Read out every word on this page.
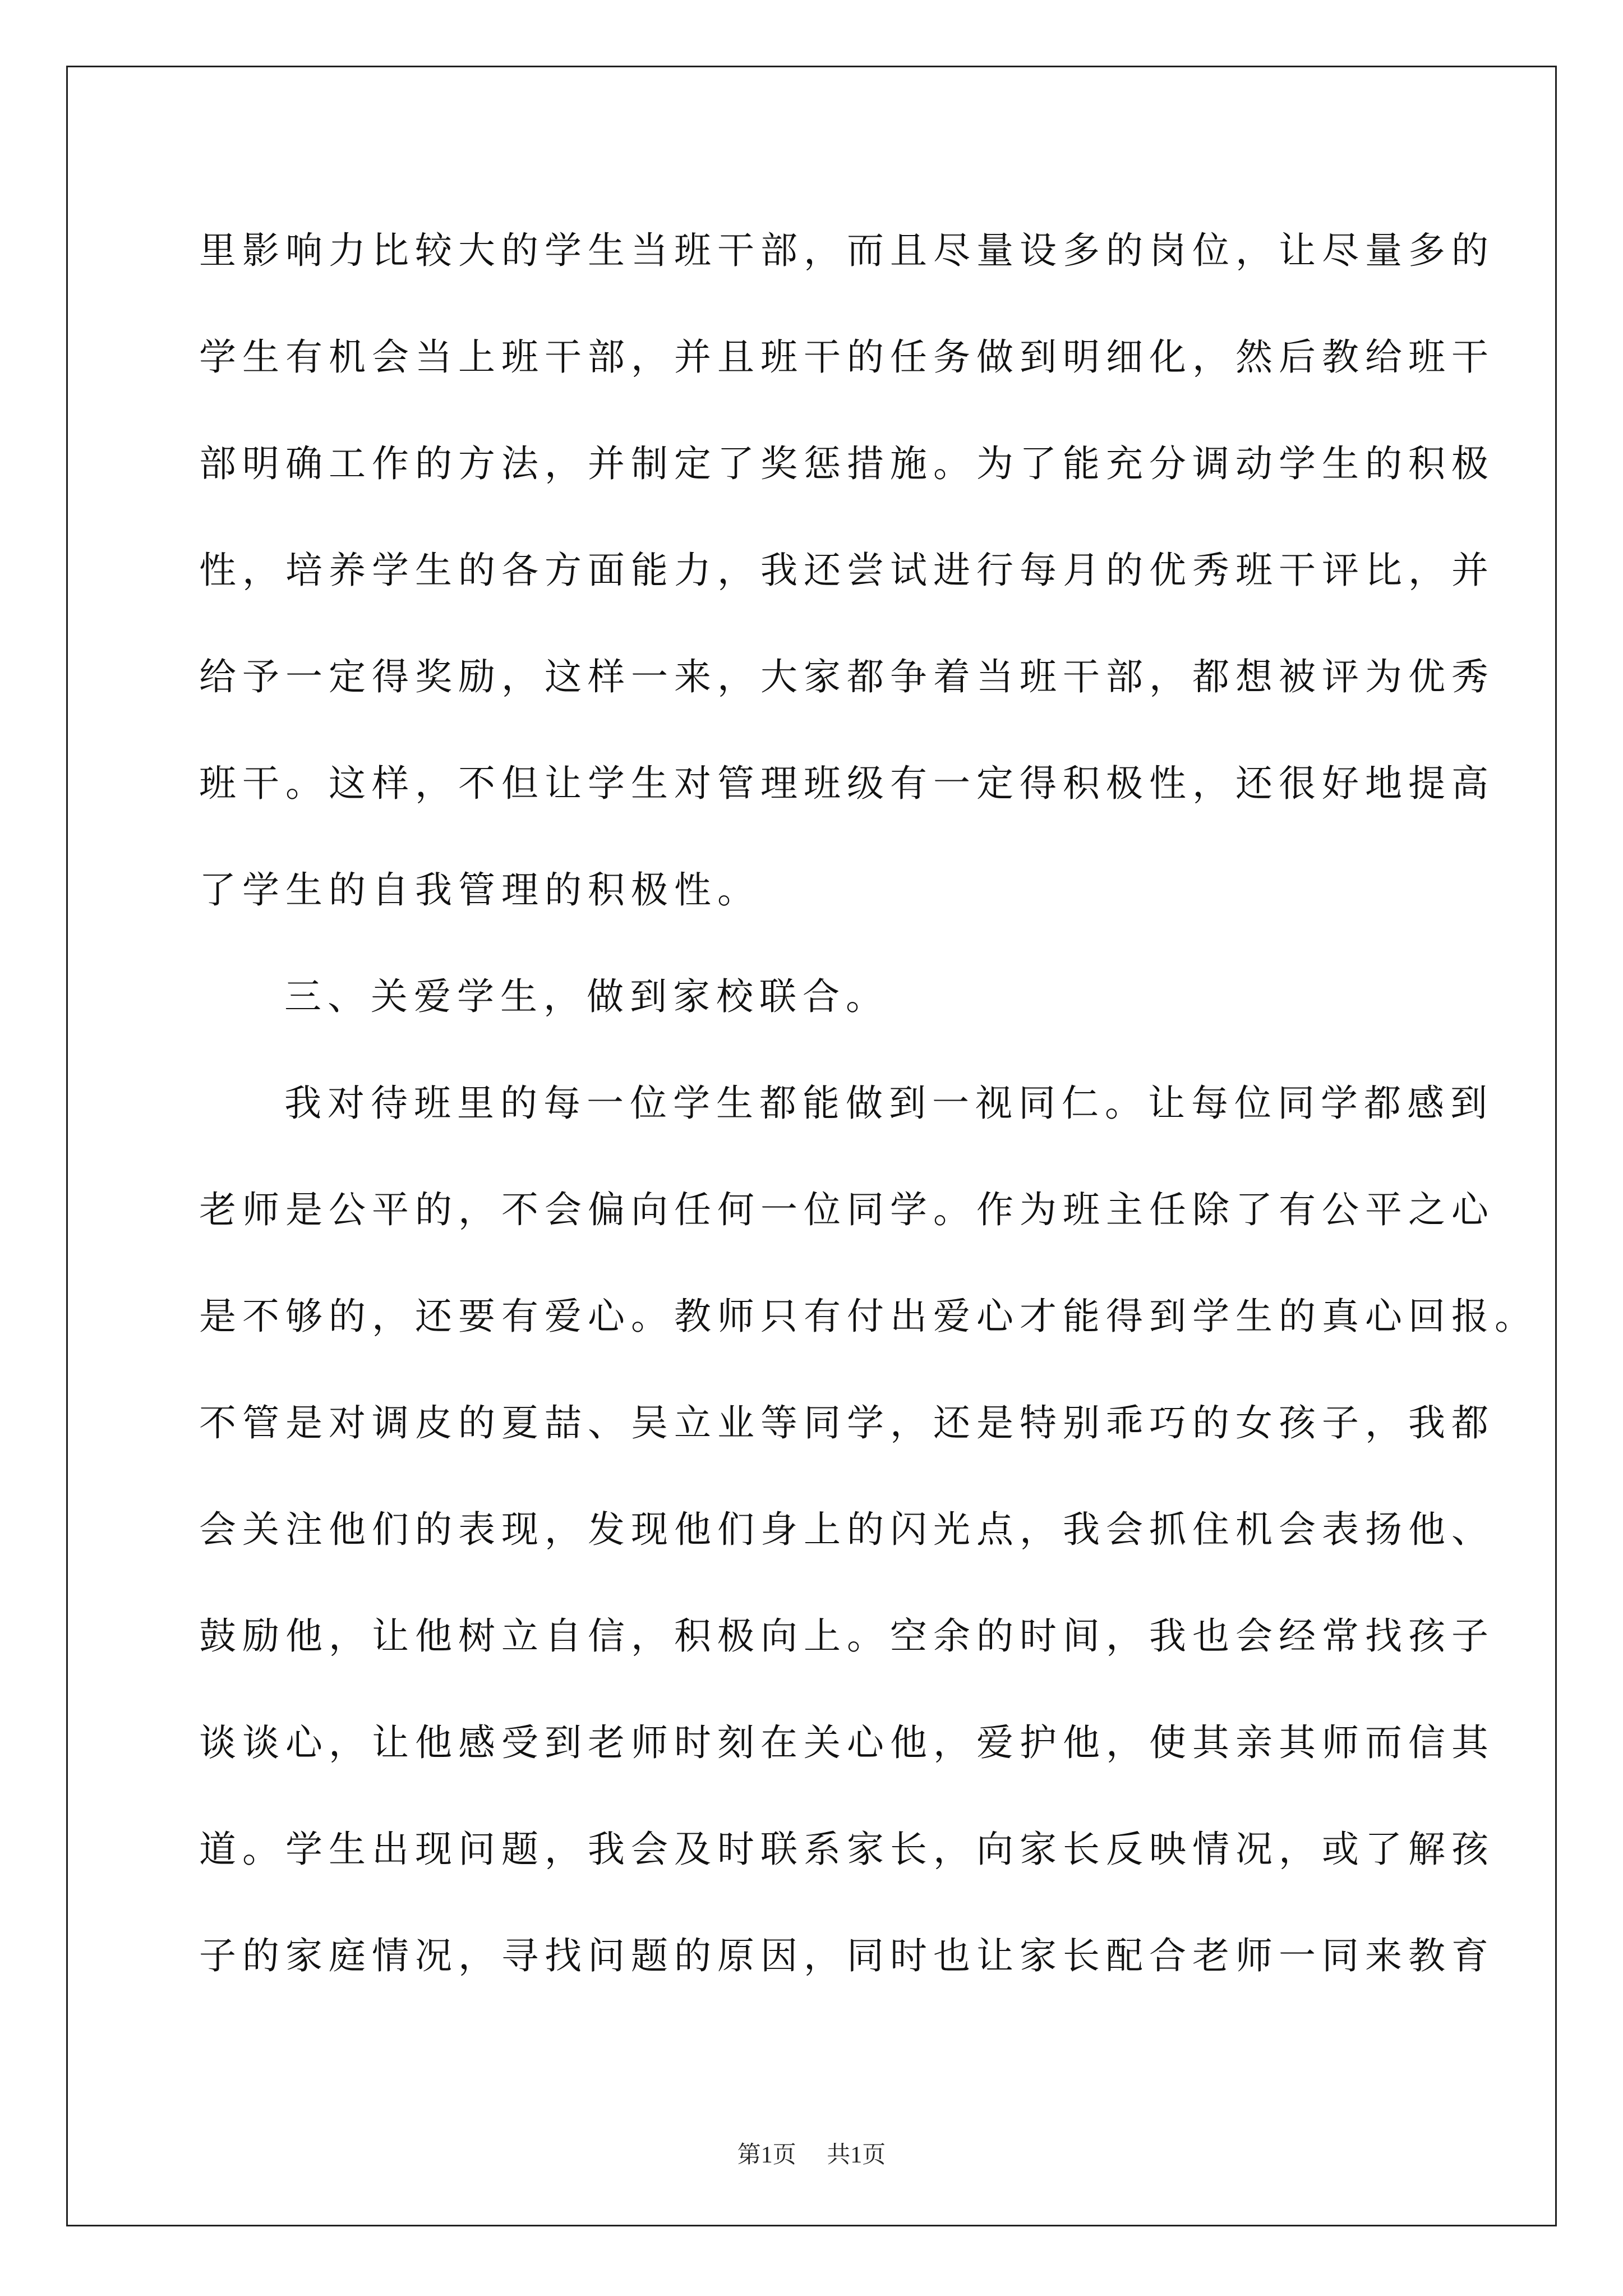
里影响力比较大的学生当班干部，而且尽量设多的岗位，让尽量多的
学生有机会当上班干部，并且班干的任务做到明细化，然后教给班干
部明确工作的方法，并制定了奖惩措施。为了能充分调动学生的积极
性，培养学生的各方面能力，我还尝试进行每月的优秀班干评比，并
给予一定得奖励，这样一来，大家都争着当班干部，都想被评为优秀
班干。这样，不但让学生对管理班级有一定得积极性，还很好地提高
了学生的自我管理的积极性。
三、关爱学生，做到家校联合。
我对待班里的每一位学生都能做到一视同仁。让每位同学都感到
老师是公平的，不会偏向任何一位同学。作为班主任除了有公平之心
是不够的，还要有爱心。教师只有付出爱心才能得到学生的真心回报。
不管是对调皮的夏喆、吴立业等同学，还是特别乖巧的女孩子，我都
会关注他们的表现，发现他们身上的闪光点，我会抓住机会表扬他、
鼓励他，让他树立自信，积极向上。空余的时间，我也会经常找孩子
谈谈心，让他感受到老师时刻在关心他，爱护他，使其亲其师而信其
道。学生出现问题，我会及时联系家长，向家长反映情况，或了解孩
子的家庭情况，寻找问题的原因，同时也让家长配合老师一同来教育
第1页 共1页
